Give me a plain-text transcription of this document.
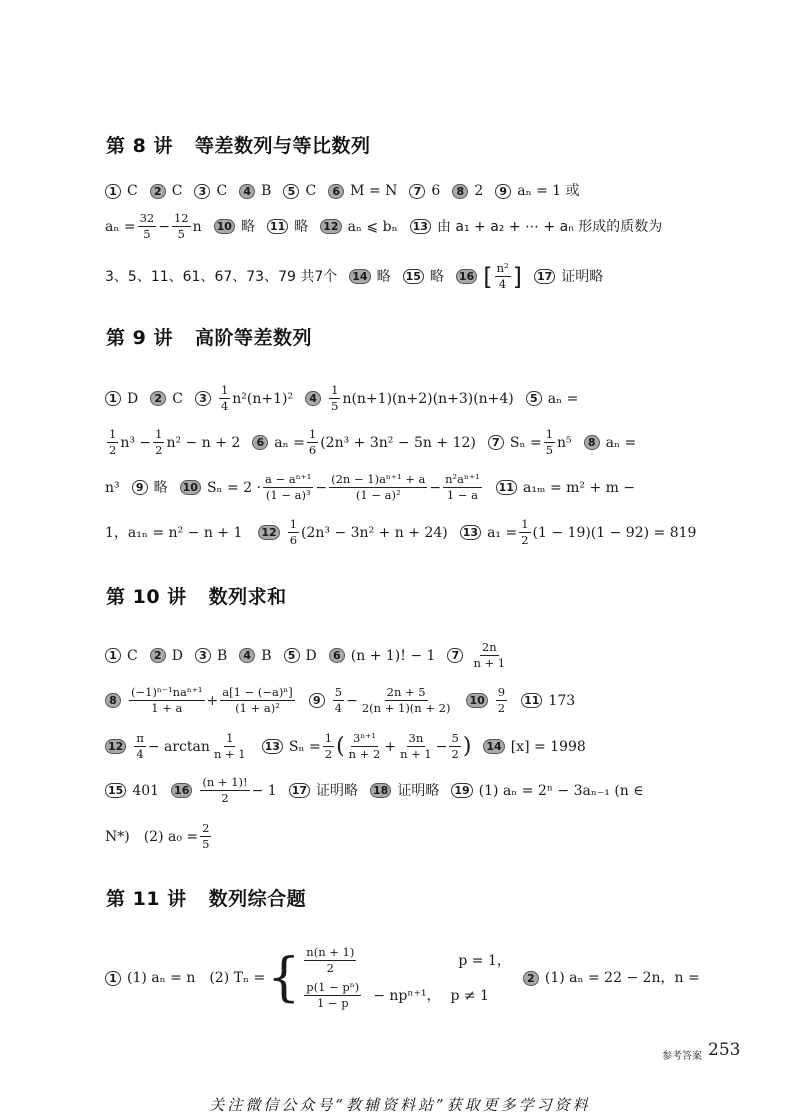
第 8 讲 等差数列与等比数列
1 C	2 C	3 C	4 B	5 C	6 M = N	7 6	8 2	9 aₙ = 1 或
$a_n = \frac{32}{5} - \frac{12}{5}$ n 10 略 11 略 12 aₙ ⩽ bₙ 13 由 a₁ + a₂ + ⋯ + aₙ 形成的质数为
3、5、11、61、67、73、79 共7个 14 略 15 略 16 [ $\frac{\text{n²}}{4}$ ] 17 证明略
第 9 讲 高阶等差数列
1 D	2 C	3	$\frac{1}{4} n^2(n+1)^2$	4	$\frac{1}{5} n(n+1)(n+2)(n+3)(n+4)$	5 aₙ =
$\frac{1}{2} n^3 - \frac{1}{2} n^2 - n + 2$	6 $a_n = \frac{1}{6} (2n^3 + 3n^2 - 5n + 12)$	7 $S_n = \frac{1}{5} n^5$	8 aₙ =
n³	9 略 10 $S_n = 2 \cdot \frac{\text{a − aⁿ⁺¹}}{\text{(1 − a)³}} - \frac{\text{(2n − 1)aⁿ⁺¹ + a}}{\text{(1 − a)²}} - \frac{\text{n²aⁿ⁺¹}}{1 - a} 11$ a₁ₘ = m² + m −
1，a₁ₙ = n² − n + 1 $12 \frac{1}{6} (2n^3 - 3n^2 + n + 24)$ 13 $a_1 = \frac{1}{2} (1 - 19)(1 - 92) = 819$
第 10 讲 数列求和
1 C	2 D	3 B	4 B	5 D	6 (n + 1)! − 1	7	$\frac{2n}{n + 1}$
8	$\frac{\text{(−1)ⁿ⁻¹naⁿ⁺¹}}{1 + a} + \frac{\text{a[1 − (−a)ⁿ]}}{\text{(1 + a)²}}$	9	$\frac{5}{4} - \frac{2n + 5}{2(n + 1)(n + 2)} 10 \frac{9}{2} 11$ 173
$12 \frac{\pi}{4} - \arctan \frac{1}{n + 1} 13$ $S_n = \frac{1}{2}$ ( $\frac{\text{3ⁿ⁺¹}}{n + 2} + \frac{3n}{n + 1} - \frac{5}{2}$ ) 14 [x] = 1998
15 401 $16 \frac{(n + 1)!}{2} - 1$ 17 证明略 18 证明略 19 (1) aₙ = 2ⁿ − 3aₙ₋₁ (n ∈
N*)　(2) $a_0 = \frac{2}{5}$
第 11 讲 数列综合题
1 (1) aₙ = n　(2) Tₙ = { $\frac{n(n + 1)}{2}$	p = 1，
$\frac{\text{p(1 − pⁿ)}}{1 - p} - np^{n+1}$， p ≠ 1
2 (1) aₙ = 22 − 2n，n =
参考答案 253
关注微信公众号“教辅资料站”获取更多学习资料
